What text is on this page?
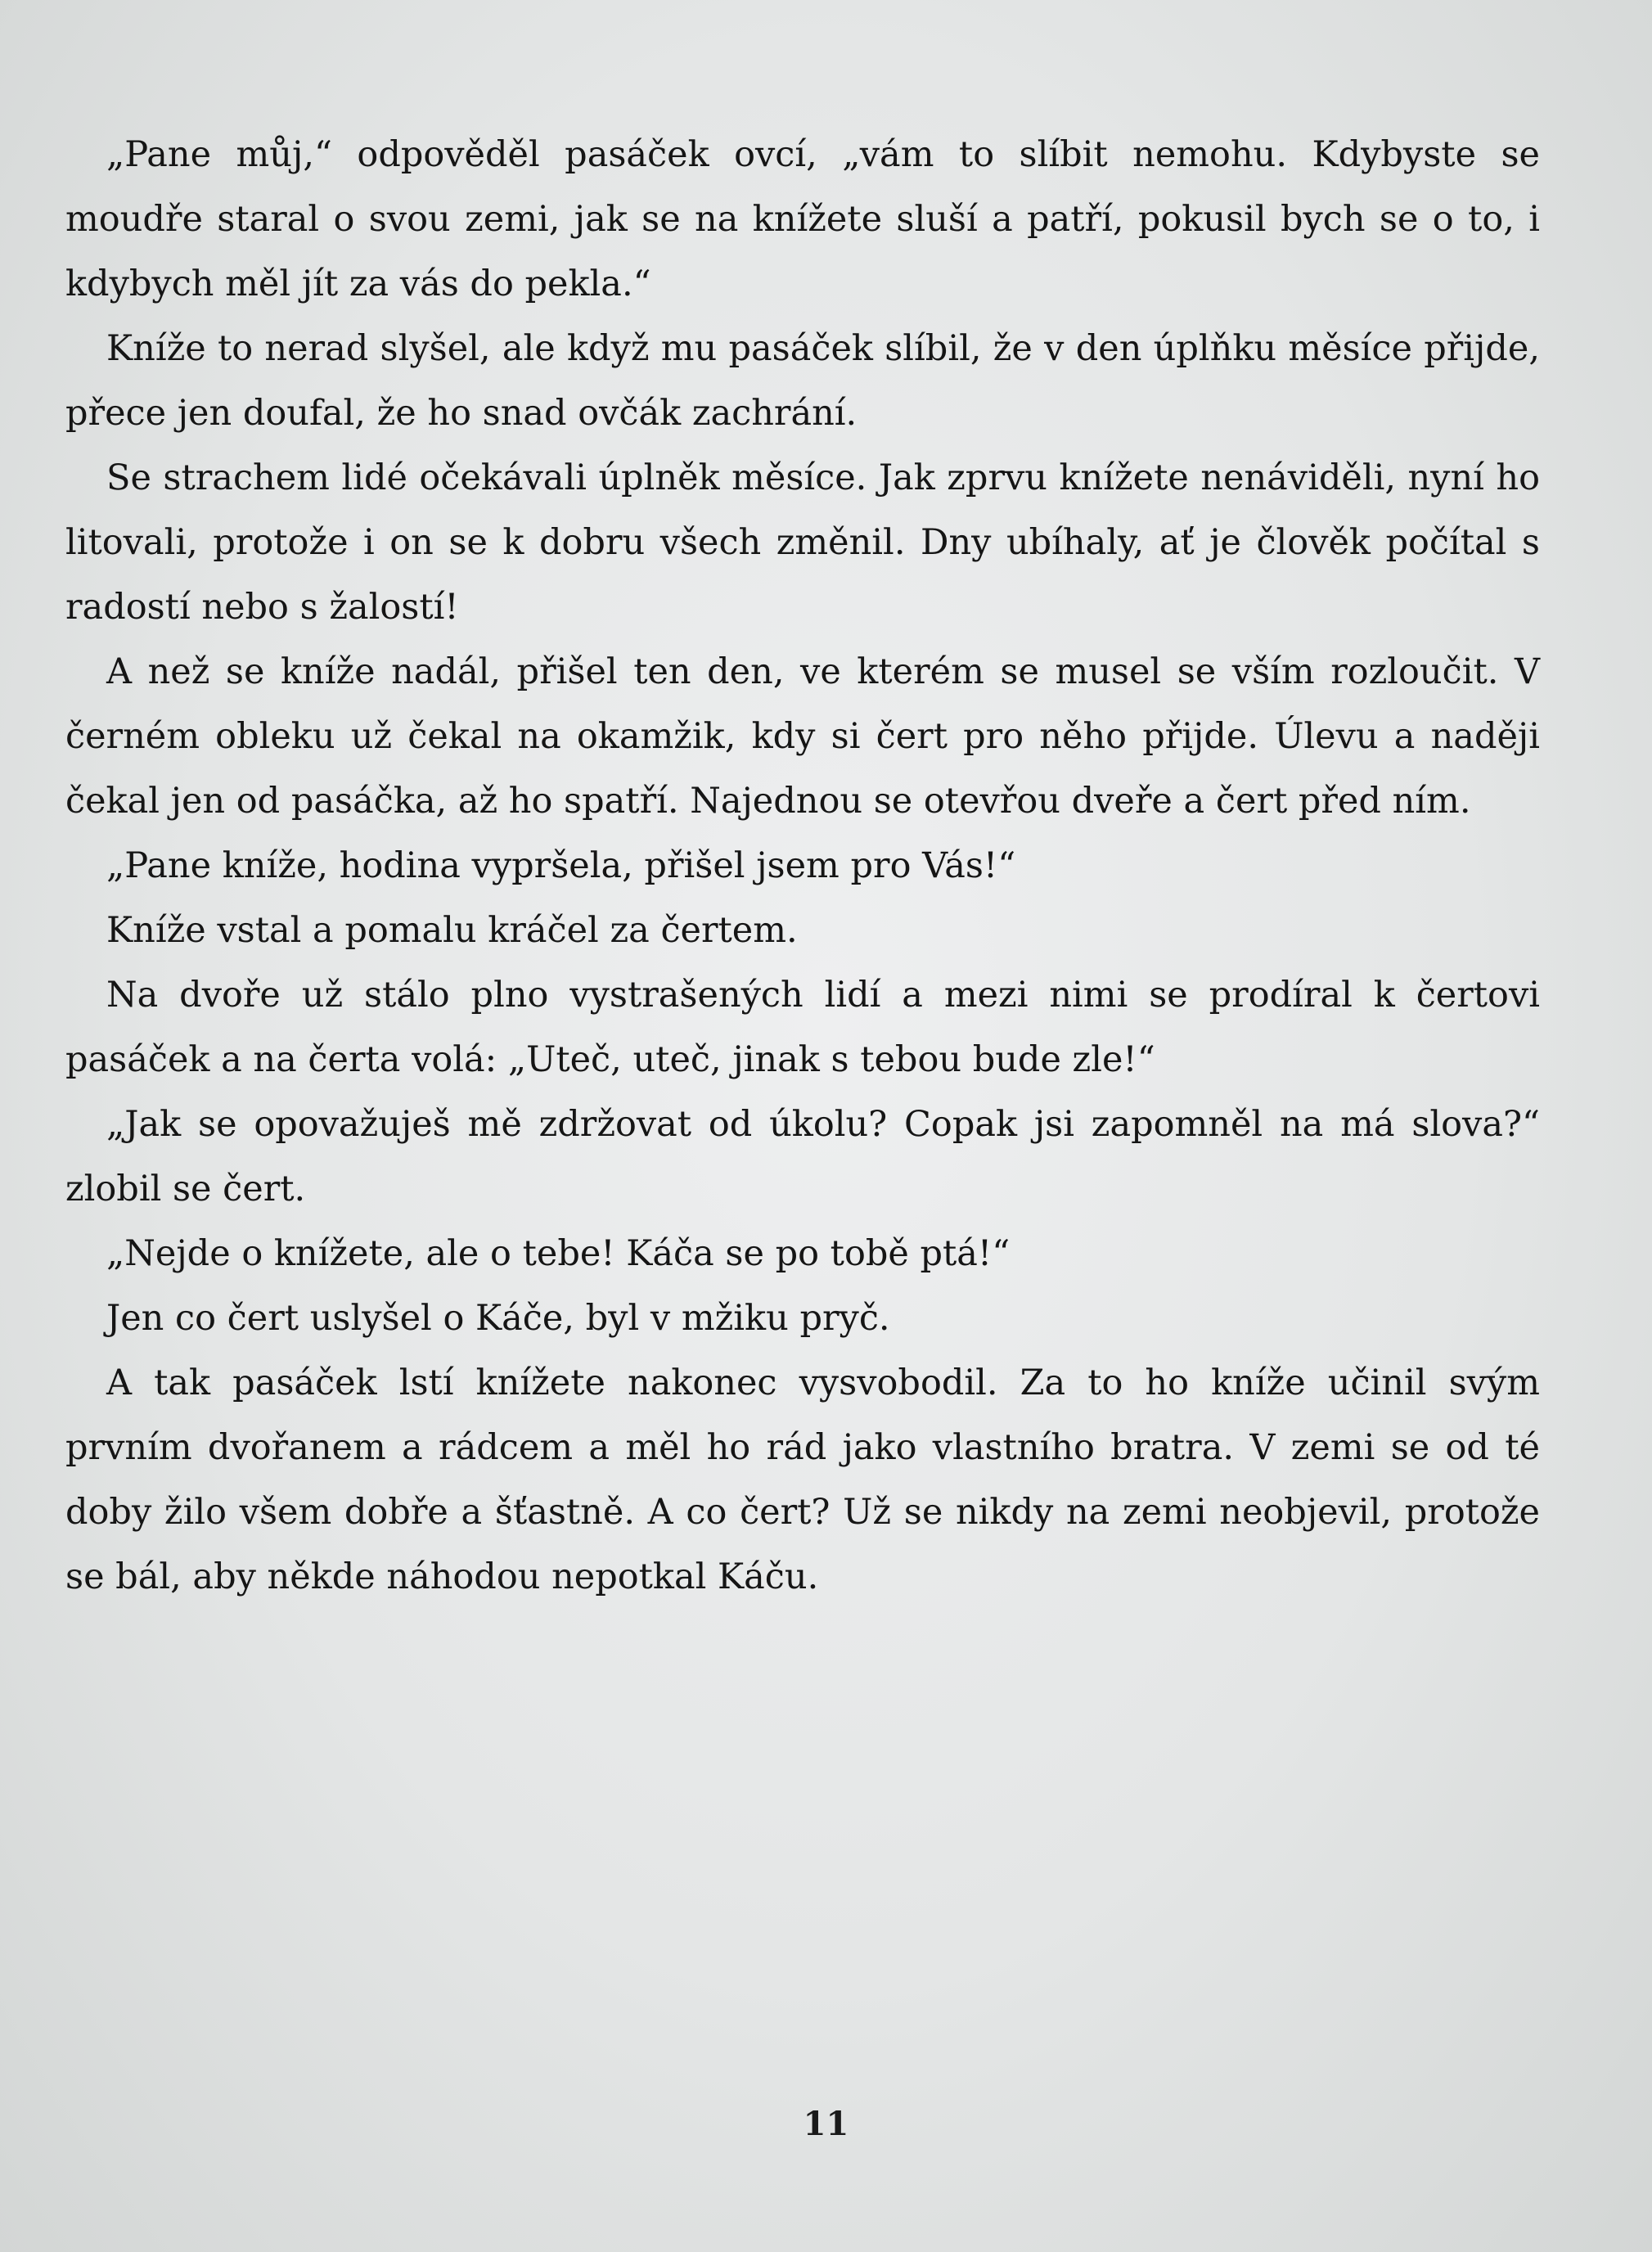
„Pane můj,“ odpověděl pasáček ovcí, „vám to slíbit nemohu. Kdybyste se moudře staral o svou zemi, jak se na knížete sluší a patří, pokusil bych se o to, i kdybych měl jít za vás do pekla.“

Kníže to nerad slyšel, ale když mu pasáček slíbil, že v den úplňku měsíce přijde, přece jen doufal, že ho snad ovčák zachrání.

Se strachem lidé očekávali úplněk měsíce. Jak zprvu knížete nenáviděli, nyní ho litovali, protože i on se k dobru všech změnil. Dny ubíhaly, ať je člověk počítal s radostí nebo s žalostí!

A než se kníže nadál, přišel ten den, ve kterém se musel se vším rozloučit. V černém obleku už čekal na okamžik, kdy si čert pro něho přijde. Úlevu a naději čekal jen od pasáčka, až ho spatří. Najednou se otevřou dveře a čert před ním.

„Pane kníže, hodina vypršela, přišel jsem pro Vás!“

Kníže vstal a pomalu kráčel za čertem.

Na dvoře už stálo plno vystrašených lidí a mezi nimi se prodíral k čertovi pasáček a na čerta volá: „Uteč, uteč, jinak s tebou bude zle!“

„Jak se opovažuješ mě zdržovat od úkolu? Copak jsi zapomněl na má slova?“ zlobil se čert.

„Nejde o knížete, ale o tebe! Káča se po tobě ptá!“

Jen co čert uslyšel o Káče, byl v mžiku pryč.

A tak pasáček lstí knížete nakonec vysvobodil. Za to ho kníže učinil svým prvním dvořanem a rádcem a měl ho rád jako vlastního bratra. V zemi se od té doby žilo všem dobře a šťastně. A co čert? Už se nikdy na zemi neobjevil, protože se bál, aby někde náhodou nepotkal Káču.

11
